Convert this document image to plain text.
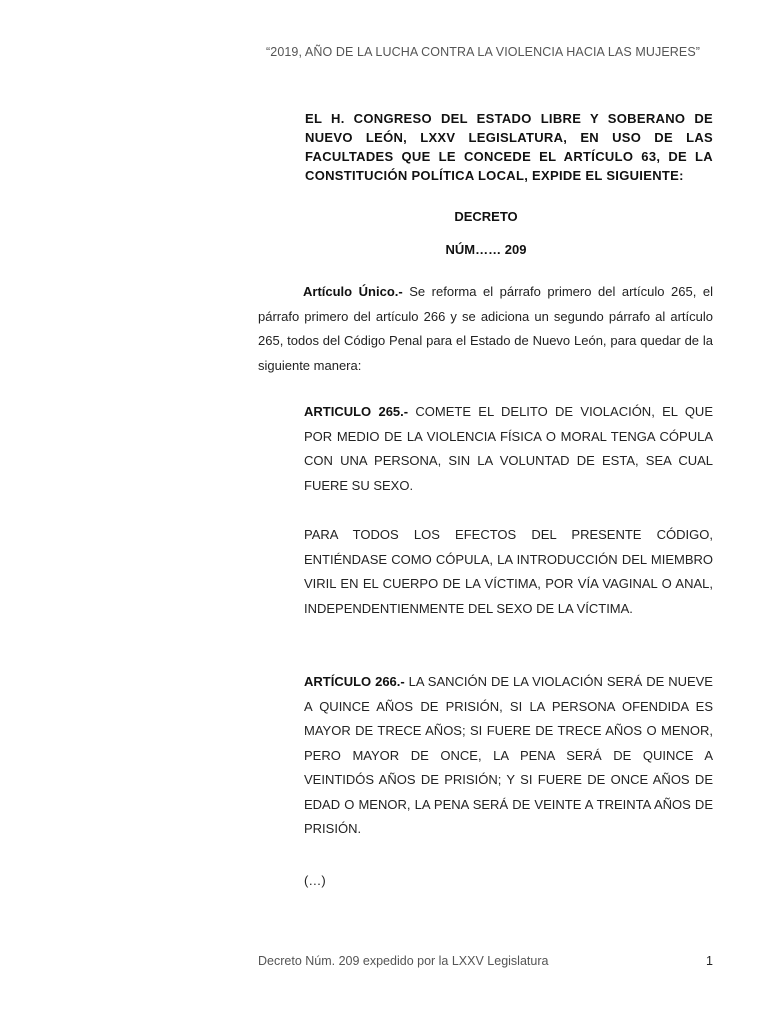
“2019, AÑO DE LA LUCHA CONTRA LA VIOLENCIA HACIA LAS MUJERES”
EL H. CONGRESO DEL ESTADO LIBRE Y SOBERANO DE NUEVO LEÓN, LXXV LEGISLATURA, EN USO DE LAS FACULTADES QUE LE CONCEDE EL ARTÍCULO 63, DE LA CONSTITUCIÓN POLÍTICA LOCAL, EXPIDE EL SIGUIENTE:
DECRETO
NÚM…… 209
Artículo Único.- Se reforma el párrafo primero del artículo 265, el párrafo primero del artículo 266 y se adiciona un segundo párrafo al artículo 265, todos del Código Penal para el Estado de Nuevo León, para quedar de la siguiente manera:
ARTICULO 265.- COMETE EL DELITO DE VIOLACIÓN, EL QUE POR MEDIO DE LA VIOLENCIA FÍSICA O MORAL TENGA CÓPULA CON UNA PERSONA, SIN LA VOLUNTAD DE ESTA, SEA CUAL FUERE SU SEXO.
PARA TODOS LOS EFECTOS DEL PRESENTE CÓDIGO, ENTIÉNDASE COMO CÓPULA, LA INTRODUCCIÓN DEL MIEMBRO VIRIL EN EL CUERPO DE LA VÍCTIMA, POR VÍA VAGINAL O ANAL, INDEPENDENTIENMENTE DEL SEXO DE LA VÍCTIMA.
ARTÍCULO 266.- LA SANCIÓN DE LA VIOLACIÓN SERÁ DE NUEVE A QUINCE AÑOS DE PRISIÓN, SI LA PERSONA OFENDIDA ES MAYOR DE TRECE AÑOS; SI FUERE DE TRECE AÑOS O MENOR, PERO MAYOR DE ONCE, LA PENA SERÁ DE QUINCE A VEINTIDÓS AÑOS DE PRISIÓN; Y SI FUERE DE ONCE AÑOS DE EDAD O MENOR, LA PENA SERÁ DE VEINTE A TREINTA AÑOS DE PRISIÓN.
(…)
Decreto Núm. 209 expedido por la LXXV Legislatura	1
